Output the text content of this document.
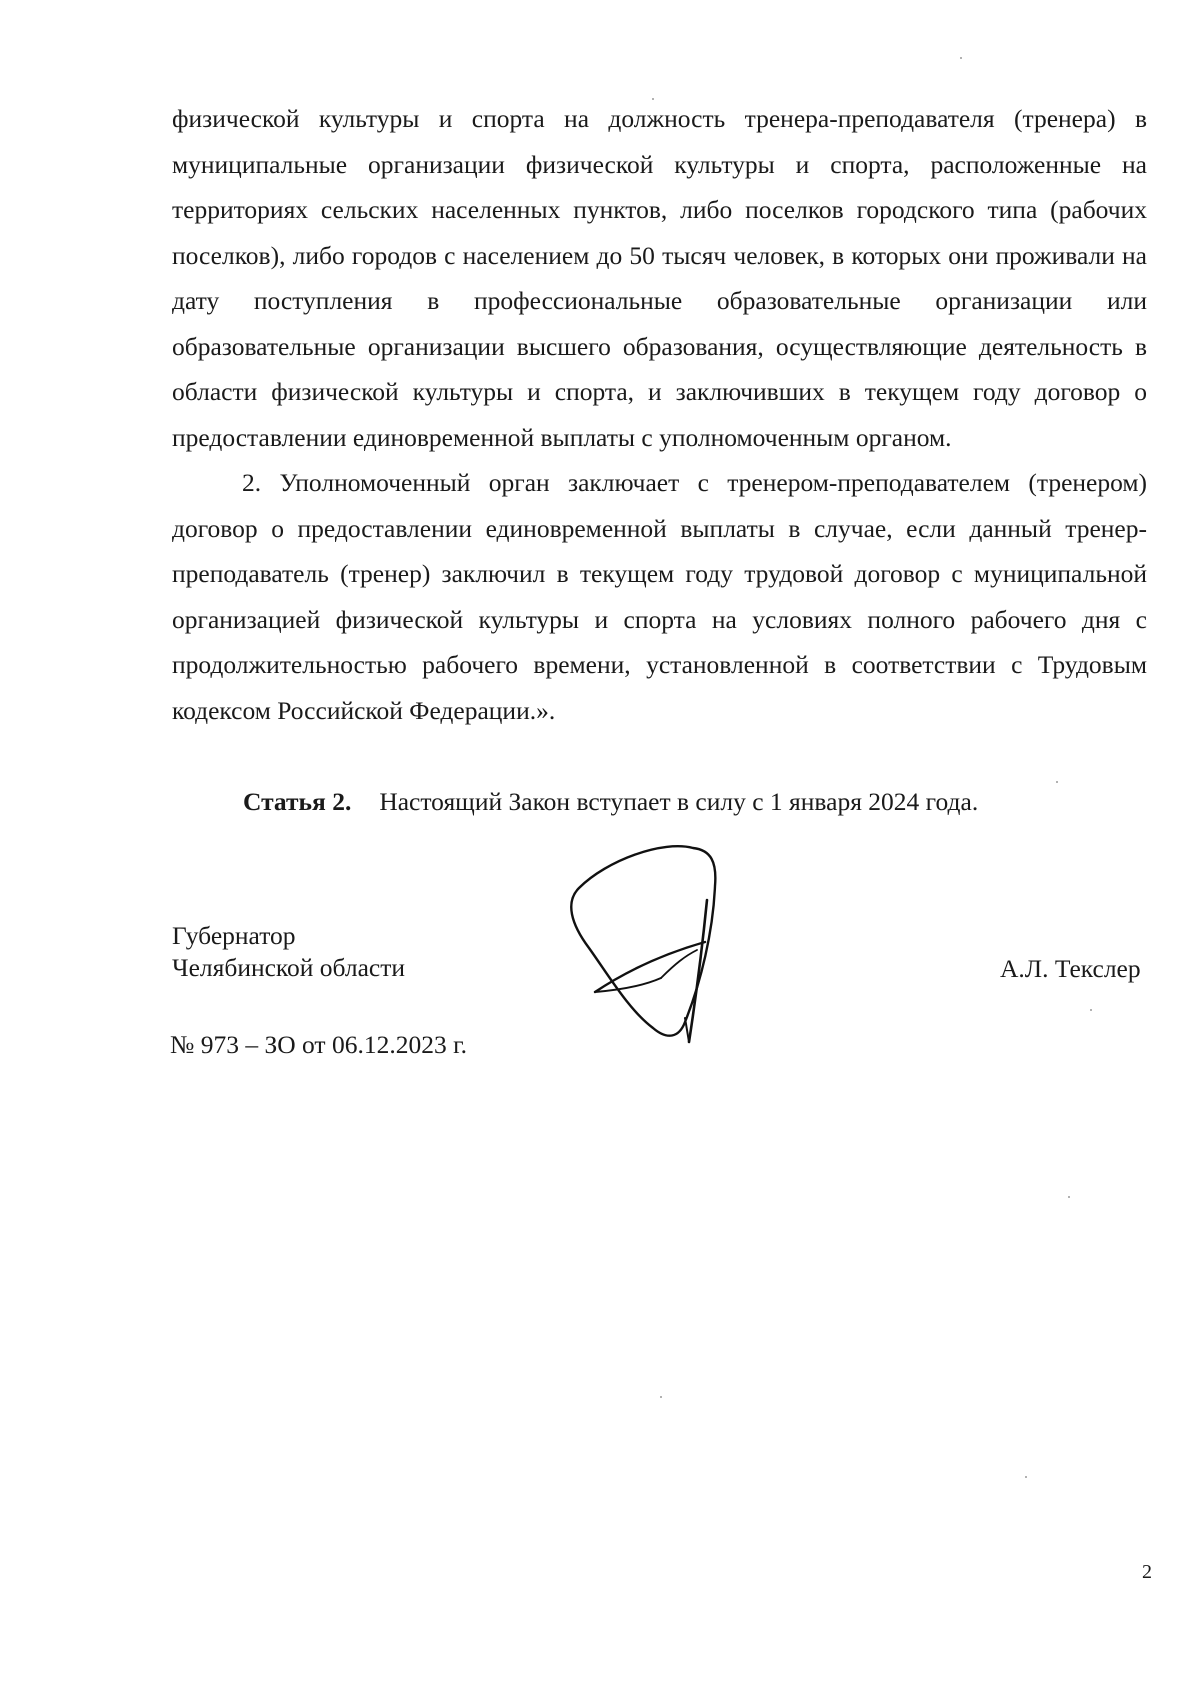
физической культуры и спорта на должность тренера-преподавателя (тренера) в муниципальные организации физической культуры и спорта, расположенные на территориях сельских населенных пунктов, либо поселков городского типа (рабочих поселков), либо городов с населением до 50 тысяч человек, в которых они проживали на дату поступления в профессиональные образовательные организации или образовательные организации высшего образования, осуществляющие деятельность в области физической культуры и спорта, и заключивших в текущем году договор о предоставлении единовременной выплаты с уполномоченным органом.

2. Уполномоченный орган заключает с тренером-преподавателем (тренером) договор о предоставлении единовременной выплаты в случае, если данный тренер-преподаватель (тренер) заключил в текущем году трудовой договор с муниципальной организацией физической культуры и спорта на условиях полного рабочего дня с продолжительностью рабочего времени, установленной в соответствии с Трудовым кодексом Российской Федерации.».

Статья 2. Настоящий Закон вступает в силу с 1 января 2024 года.
Губернатор
Челябинской области	А.Л. Текслер
№ 973 – ЗО от 06.12.2023 г.
2
